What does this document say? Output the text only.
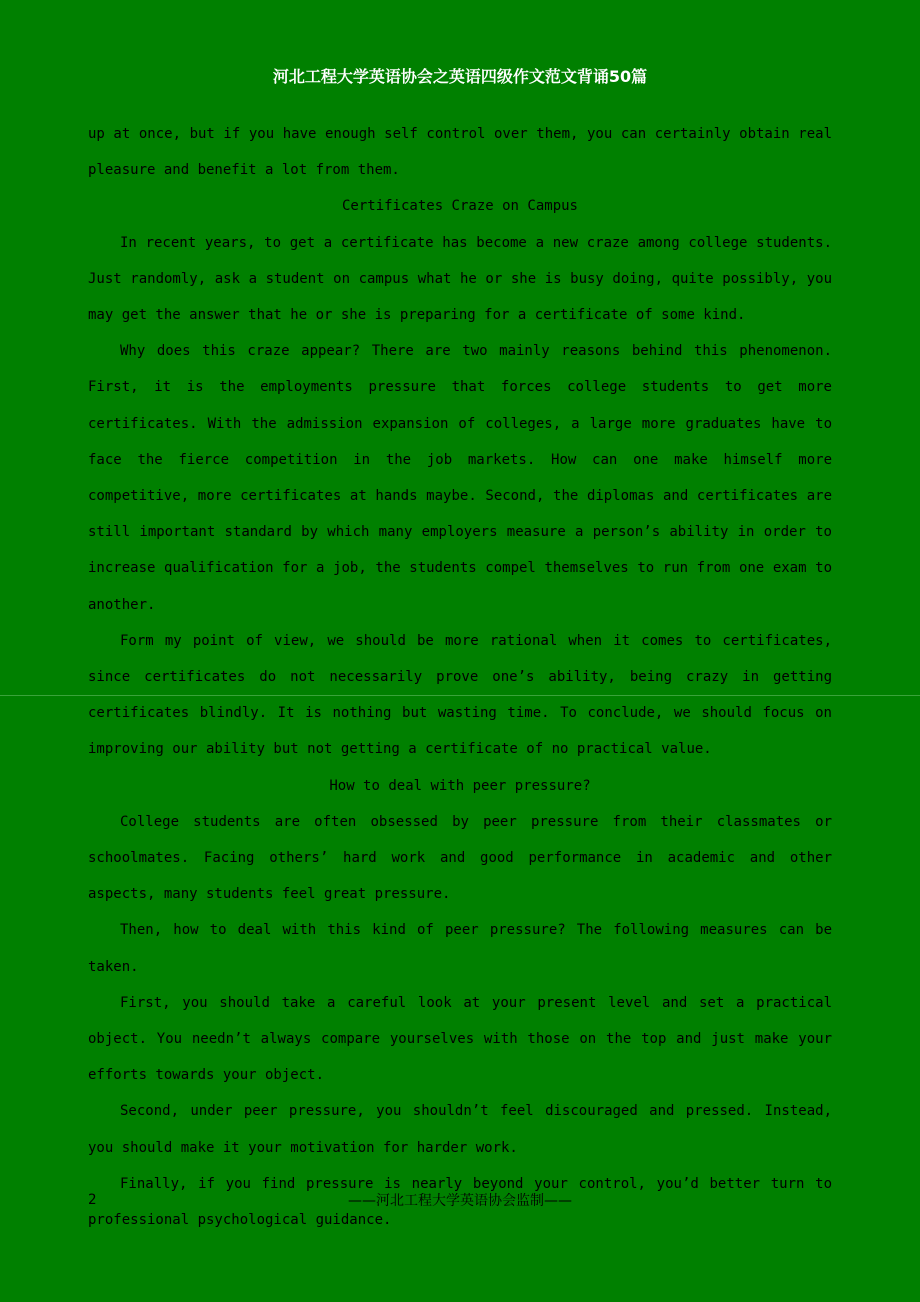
河北工程大学英语协会之英语四级作文范文背诵50篇

up at once, but if you have enough self control over them, you can certainly obtain real pleasure and benefit a lot from them.

Certificates Craze on Campus

In recent years, to get a certificate has become a new craze among college students. Just randomly, ask a student on campus what he or she is busy doing, quite possibly, you may get the answer that he or she is preparing for a certificate of some kind.

Why does this craze appear? There are two mainly reasons behind this phenomenon. First, it is the employments pressure that forces college students to get more certificates. With the admission expansion of colleges, a large more graduates have to face the fierce competition in the job markets. How can one make himself more competitive, more certificates at hands maybe. Second, the diplomas and certificates are still important standard by which many employers measure a person’s ability in order to increase qualification for a job, the students compel themselves to run from one exam to another.

Form my point of view, we should be more rational when it comes to certificates, since certificates do not necessarily prove one’s ability, being crazy in getting certificates blindly. It is nothing but wasting time. To conclude, we should focus on improving our ability but not getting a certificate of no practical value.

How to deal with peer pressure?

College students are often obsessed by peer pressure from their classmates or schoolmates. Facing others’ hard work and good performance in academic and other aspects, many students feel great pressure.

Then, how to deal with this kind of peer pressure? The following measures can be taken.

First, you should take a careful look at your present level and set a practical object. You needn’t always compare yourselves with those on the top and just make your efforts towards your object.

Second, under peer pressure, you shouldn’t feel discouraged and pressed. Instead, you should make it your motivation for harder work.

Finally, if you find pressure is nearly beyond your control, you’d better turn to professional psychological guidance.

2	——河北工程大学英语协会监制——
